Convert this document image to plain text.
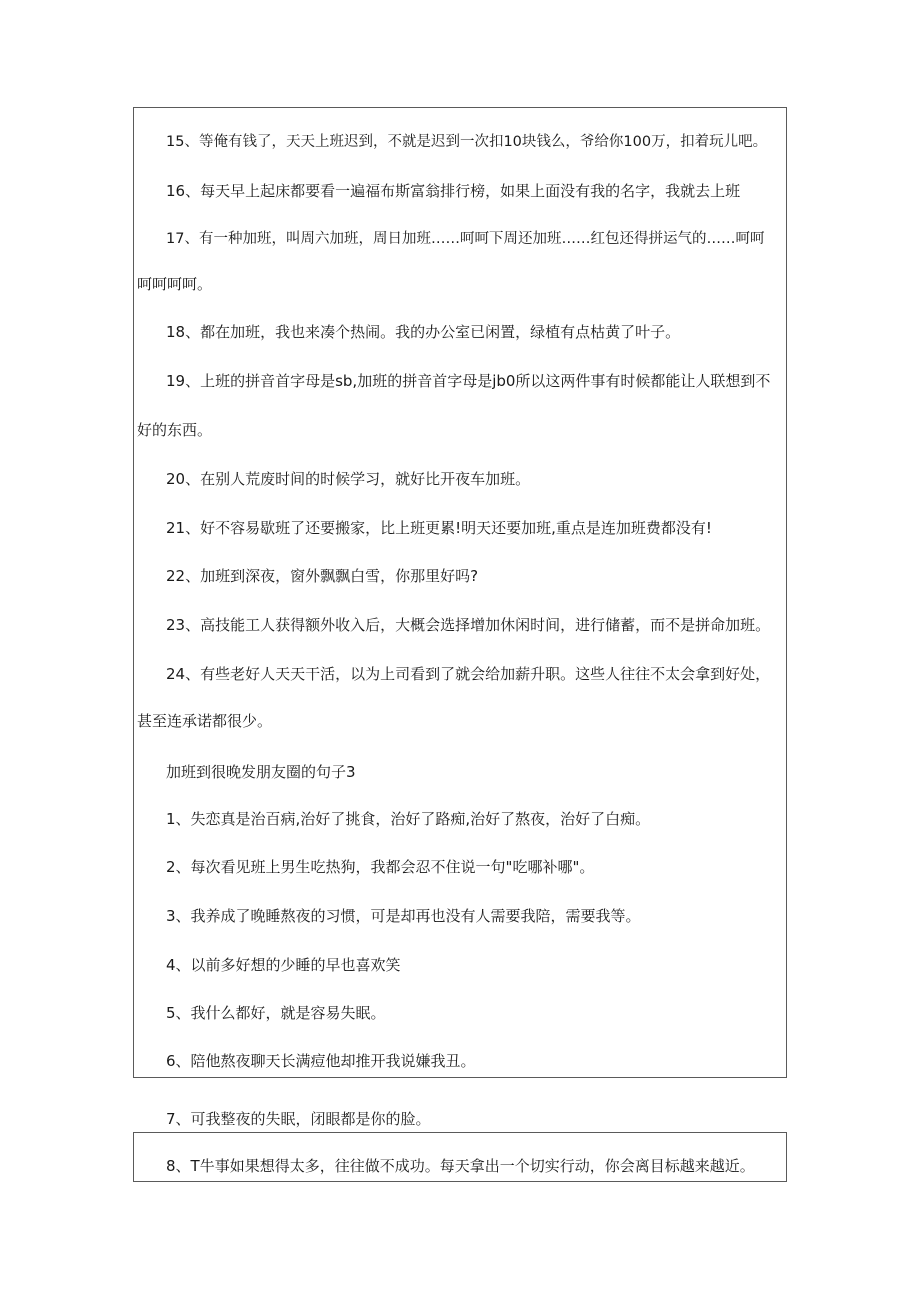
15、等俺有钱了，天天上班迟到，不就是迟到一次扣10块钱么，爷给你100万，扣着玩儿吧。

16、每天早上起床都要看一遍福布斯富翁排行榜，如果上面没有我的名字，我就去上班

17、有一种加班，叫周六加班，周日加班……呵呵下周还加班……红包还得拼运气的……呵呵

呵呵呵呵。

18、都在加班，我也来凑个热闹。我的办公室已闲置，绿植有点枯黄了叶子。

19、上班的拼音首字母是sb,加班的拼音首字母是jb0所以这两件事有时候都能让人联想到不

好的东西。

20、在别人荒废时间的时候学习，就好比开夜车加班。

21、好不容易歇班了还要搬家，比上班更累!明天还要加班,重点是连加班费都没有!

22、加班到深夜，窗外飘飘白雪，你那里好吗?

23、高技能工人获得额外收入后，大概会选择增加休闲时间，进行储蓄，而不是拼命加班。

24、有些老好人天天干活，以为上司看到了就会给加薪升职。这些人往往不太会拿到好处，

甚至连承诺都很少。

加班到很晚发朋友圈的句子3

1、失恋真是治百病,治好了挑食，治好了路痴,治好了熬夜，治好了白痴。

2、每次看见班上男生吃热狗，我都会忍不住说一句"吃哪补哪"。

3、我养成了晚睡熬夜的习惯，可是却再也没有人需要我陪，需要我等。

4、以前多好想的少睡的早也喜欢笑

5、我什么都好，就是容易失眠。

6、陪他熬夜聊天长满痘他却推开我说嫌我丑。

7、可我整夜的失眠，闭眼都是你的脸。

8、T牛事如果想得太多，往往做不成功。每天拿出一个切实行动，你会离目标越来越近。
